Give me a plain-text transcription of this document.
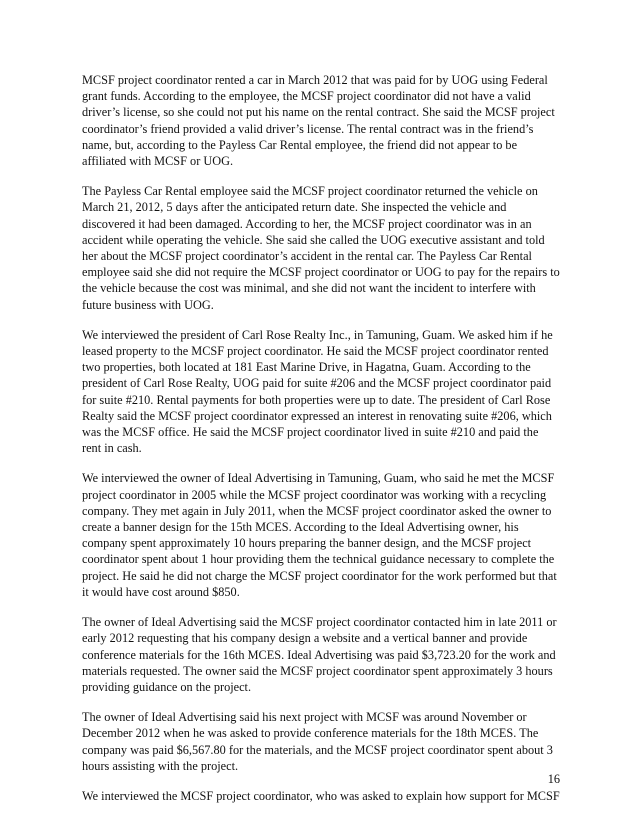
MCSF project coordinator rented a car in March 2012 that was paid for by UOG using Federal grant funds. According to the employee, the MCSF project coordinator did not have a valid driver’s license, so she could not put his name on the rental contract. She said the MCSF project coordinator’s friend provided a valid driver’s license. The rental contract was in the friend’s name, but, according to the Payless Car Rental employee, the friend did not appear to be affiliated with MCSF or UOG.

The Payless Car Rental employee said the MCSF project coordinator returned the vehicle on March 21, 2012, 5 days after the anticipated return date. She inspected the vehicle and discovered it had been damaged. According to her, the MCSF project coordinator was in an accident while operating the vehicle. She said she called the UOG executive assistant and told her about the MCSF project coordinator’s accident in the rental car. The Payless Car Rental employee said she did not require the MCSF project coordinator or UOG to pay for the repairs to the vehicle because the cost was minimal, and she did not want the incident to interfere with future business with UOG.

We interviewed the president of Carl Rose Realty Inc., in Tamuning, Guam. We asked him if he leased property to the MCSF project coordinator. He said the MCSF project coordinator rented two properties, both located at 181 East Marine Drive, in Hagatna, Guam. According to the president of Carl Rose Realty, UOG paid for suite #206 and the MCSF project coordinator paid for suite #210. Rental payments for both properties were up to date. The president of Carl Rose Realty said the MCSF project coordinator expressed an interest in renovating suite #206, which was the MCSF office. He said the MCSF project coordinator lived in suite #210 and paid the rent in cash.

We interviewed the owner of Ideal Advertising in Tamuning, Guam, who said he met the MCSF project coordinator in 2005 while the MCSF project coordinator was working with a recycling company. They met again in July 2011, when the MCSF project coordinator asked the owner to create a banner design for the 15th MCES. According to the Ideal Advertising owner, his company spent approximately 10 hours preparing the banner design, and the MCSF project coordinator spent about 1 hour providing them the technical guidance necessary to complete the project. He said he did not charge the MCSF project coordinator for the work performed but that it would have cost around $850.

The owner of Ideal Advertising said the MCSF project coordinator contacted him in late 2011 or early 2012 requesting that his company design a website and a vertical banner and provide conference materials for the 16th MCES. Ideal Advertising was paid $3,723.20 for the work and materials requested. The owner said the MCSF project coordinator spent approximately 3 hours providing guidance on the project.

The owner of Ideal Advertising said his next project with MCSF was around November or December 2012 when he was asked to provide conference materials for the 18th MCES. The company was paid $6,567.80 for the materials, and the MCSF project coordinator spent about 3 hours assisting with the project.

We interviewed the MCSF project coordinator, who was asked to explain how support for MCSF

16
